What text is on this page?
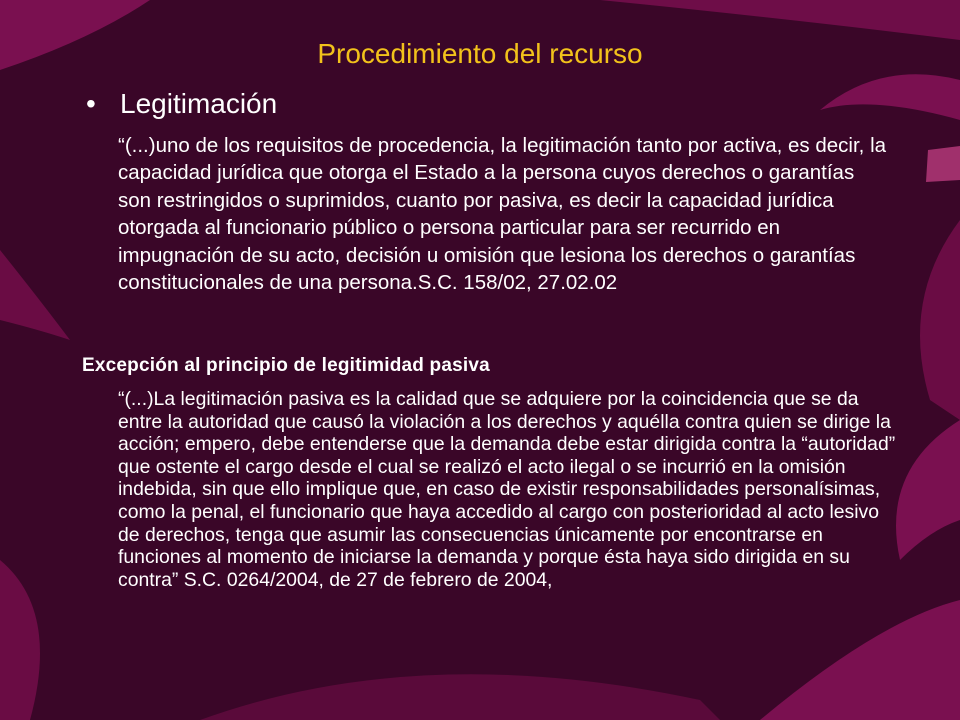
Procedimiento del recurso
• Legitimación

“(...)uno de los requisitos de procedencia, la legitimación tanto por activa, es decir, la capacidad jurídica que otorga el Estado a la persona cuyos derechos o garantías son restringidos o suprimidos, cuanto por pasiva, es decir la capacidad jurídica otorgada al funcionario público o persona particular para ser recurrido en impugnación de su acto, decisión u omisión que lesiona los derechos o garantías constitucionales de una persona.S.C. 158/02, 27.02.02

Excepción al principio de legitimidad pasiva

“(...)La legitimación pasiva es la calidad que se adquiere por la coincidencia que se da entre la autoridad que causó la violación a los derechos y aquélla contra quien se dirige la acción; empero, debe entenderse que la demanda debe estar dirigida contra la “autoridad” que ostente el cargo desde el cual se realizó el acto ilegal o se incurrió en la omisión indebida, sin que ello implique que, en caso de existir responsabilidades personalísimas, como la penal, el funcionario que haya accedido al cargo con posterioridad al acto lesivo de derechos, tenga que asumir las consecuencias únicamente por encontrarse en funciones al momento de iniciarse la demanda y porque ésta haya sido dirigida en su contra” S.C. 0264/2004, de 27 de febrero de 2004,
